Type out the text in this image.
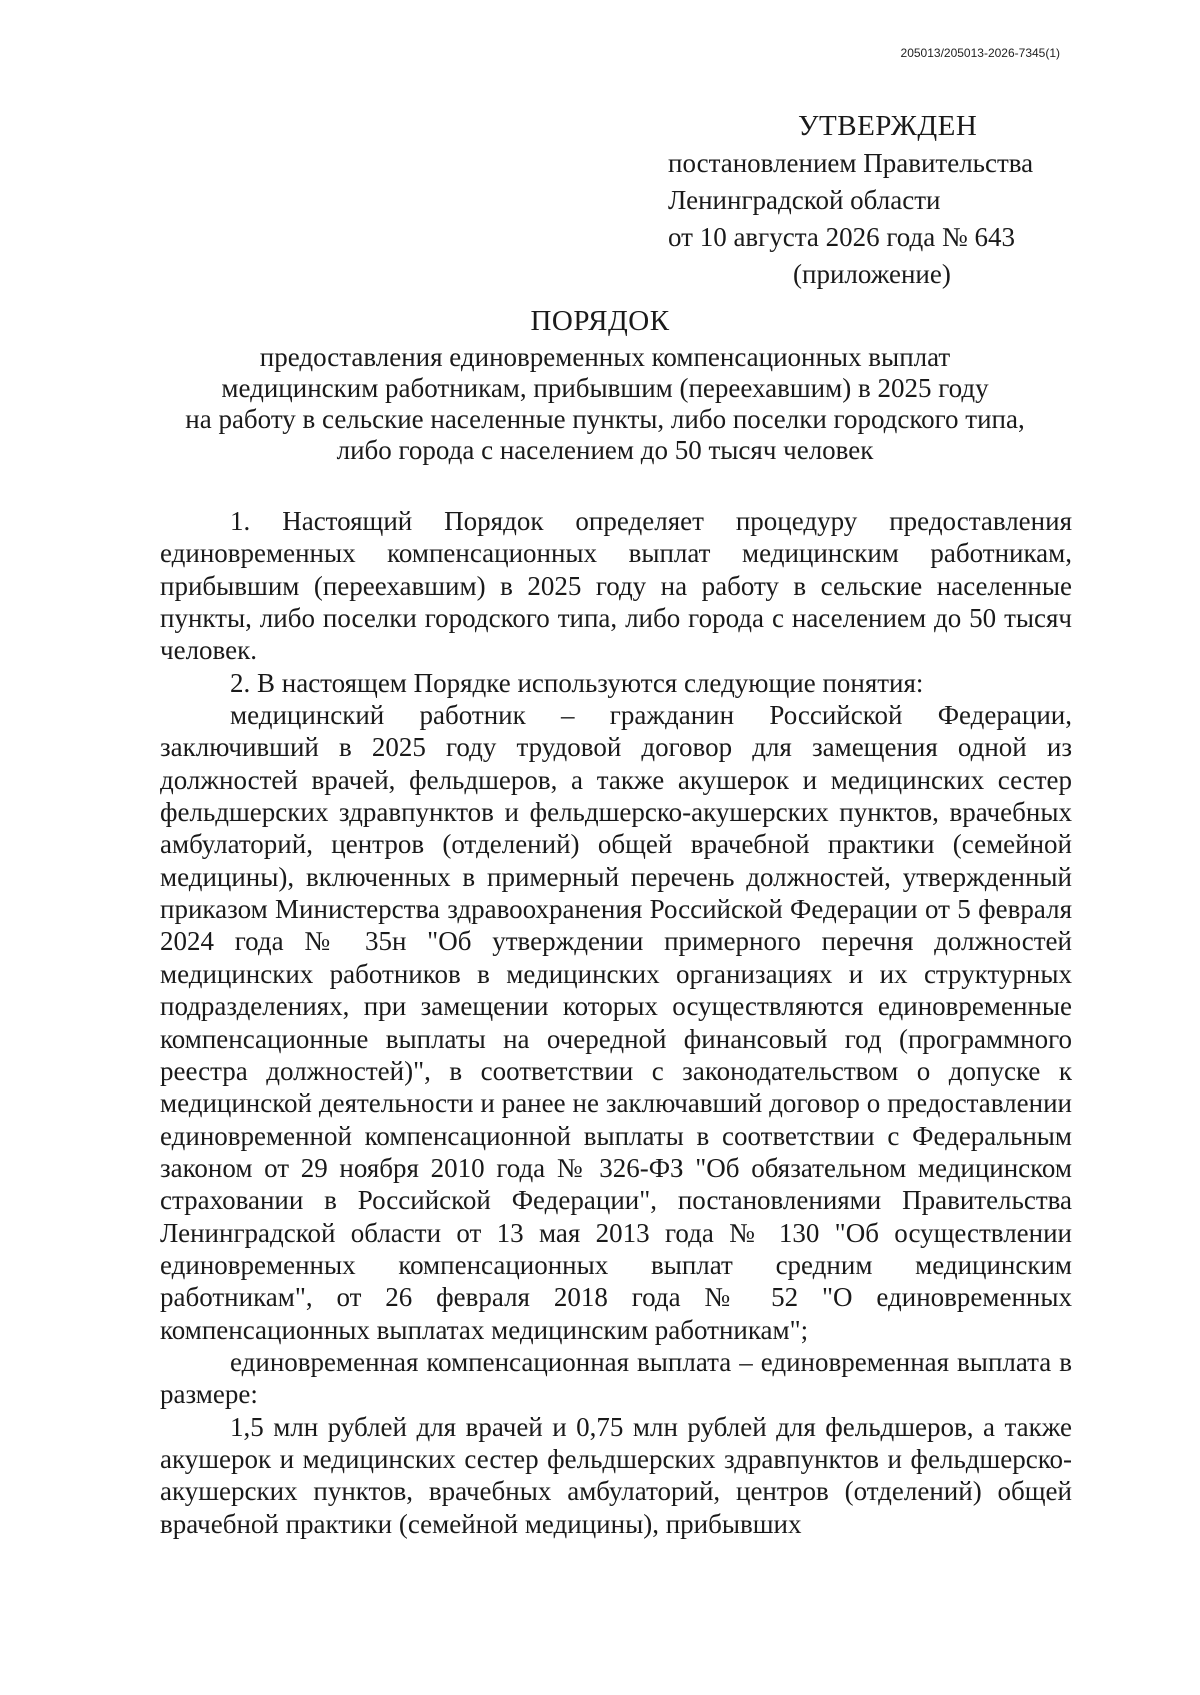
205013/205013-2026-7345(1)
УТВЕРЖДЕН
постановлением Правительства
Ленинградской области
от 10 августа 2026 года № 643
(приложение)
ПОРЯДОК
предоставления единовременных компенсационных выплат
медицинским работникам, прибывшим (переехавшим) в 2025 году
на работу в сельские населенные пункты, либо поселки городского типа,
либо города с населением до 50 тысяч человек

1. Настоящий Порядок определяет процедуру предоставления единовременных компенсационных выплат медицинским работникам, прибывшим (переехавшим) в 2025 году на работу в сельские населенные пункты, либо поселки городского типа, либо города с населением до 50 тысяч человек.

2. В настоящем Порядке используются следующие понятия:

медицинский работник – гражданин Российской Федерации, заключивший в 2025 году трудовой договор для замещения одной из должностей врачей, фельдшеров, а также акушерок и медицинских сестер фельдшерских здравпунктов и фельдшерско-акушерских пунктов, врачебных амбулаторий, центров (отделений) общей врачебной практики (семейной медицины), включенных в примерный перечень должностей, утвержденный приказом Министерства здравоохранения Российской Федерации от 5 февраля 2024 года № 35н "Об утверждении примерного перечня должностей медицинских работников в медицинских организациях и их структурных подразделениях, при замещении которых осуществляются единовременные компенсационные выплаты на очередной финансовый год (программного реестра должностей)", в соответствии с законодательством о допуске к медицинской деятельности и ранее не заключавший договор о предоставлении единовременной компенсационной выплаты в соответствии с Федеральным законом от 29 ноября 2010 года № 326-ФЗ "Об обязательном медицинском страховании в Российской Федерации", постановлениями Правительства Ленинградской области от 13 мая 2013 года № 130 "Об осуществлении единовременных компенсационных выплат средним медицинским работникам", от 26 февраля 2018 года № 52 "О единовременных компенсационных выплатах медицинским работникам";

единовременная компенсационная выплата – единовременная выплата в размере:

1,5 млн рублей для врачей и 0,75 млн рублей для фельдшеров, а также акушерок и медицинских сестер фельдшерских здравпунктов и фельдшерско-акушерских пунктов, врачебных амбулаторий, центров (отделений) общей врачебной практики (семейной медицины), прибывших
